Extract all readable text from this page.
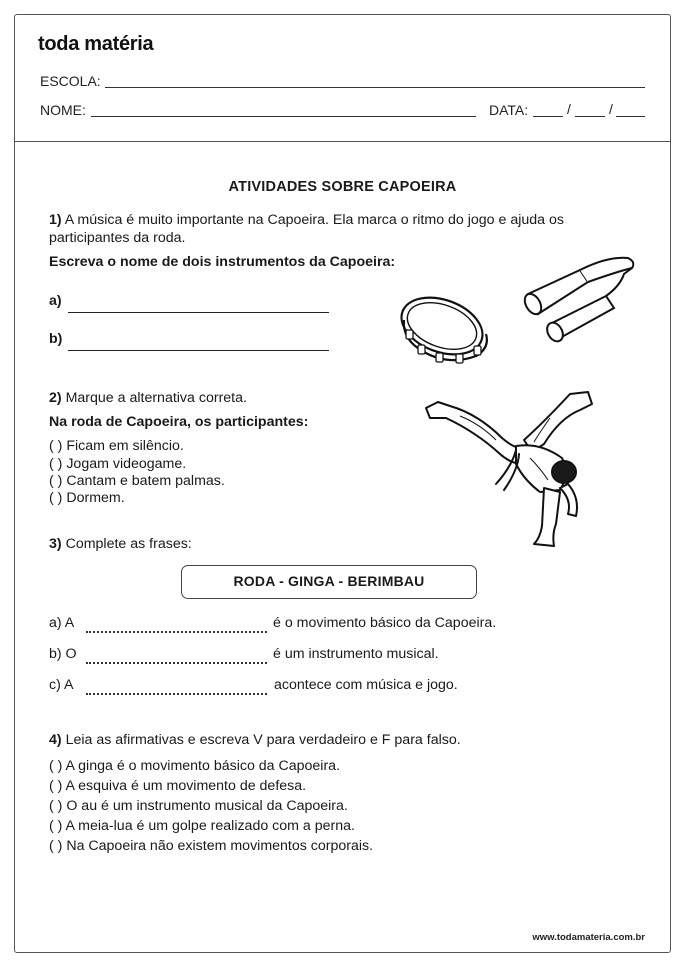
toda matéria
ESCOLA:
NOME:	DATA:	/	/
ATIVIDADES SOBRE CAPOEIRA
1) A música é muito importante na Capoeira. Ela marca o ritmo do jogo e ajuda os
participantes da roda.
Escreva o nome de dois instrumentos da Capoeira:
a)
b)
2) Marque a alternativa correta.
Na roda de Capoeira, os participantes:
( ) Ficam em silêncio.
( ) Jogam videogame.
( ) Cantam e batem palmas.
( ) Dormem.
3) Complete as frases:
RODA - GINGA - BERIMBAU
a) A	é o movimento básico da Capoeira.
b) O	é um instrumento musical.
c) A	acontece com música e jogo.
4) Leia as afirmativas e escreva V para verdadeiro e F para falso.
( ) A ginga é o movimento básico da Capoeira.
( ) A esquiva é um movimento de defesa.
( ) O au é um instrumento musical da Capoeira.
( ) A meia-lua é um golpe realizado com a perna.
( ) Na Capoeira não existem movimentos corporais.
www.todamateria.com.br
